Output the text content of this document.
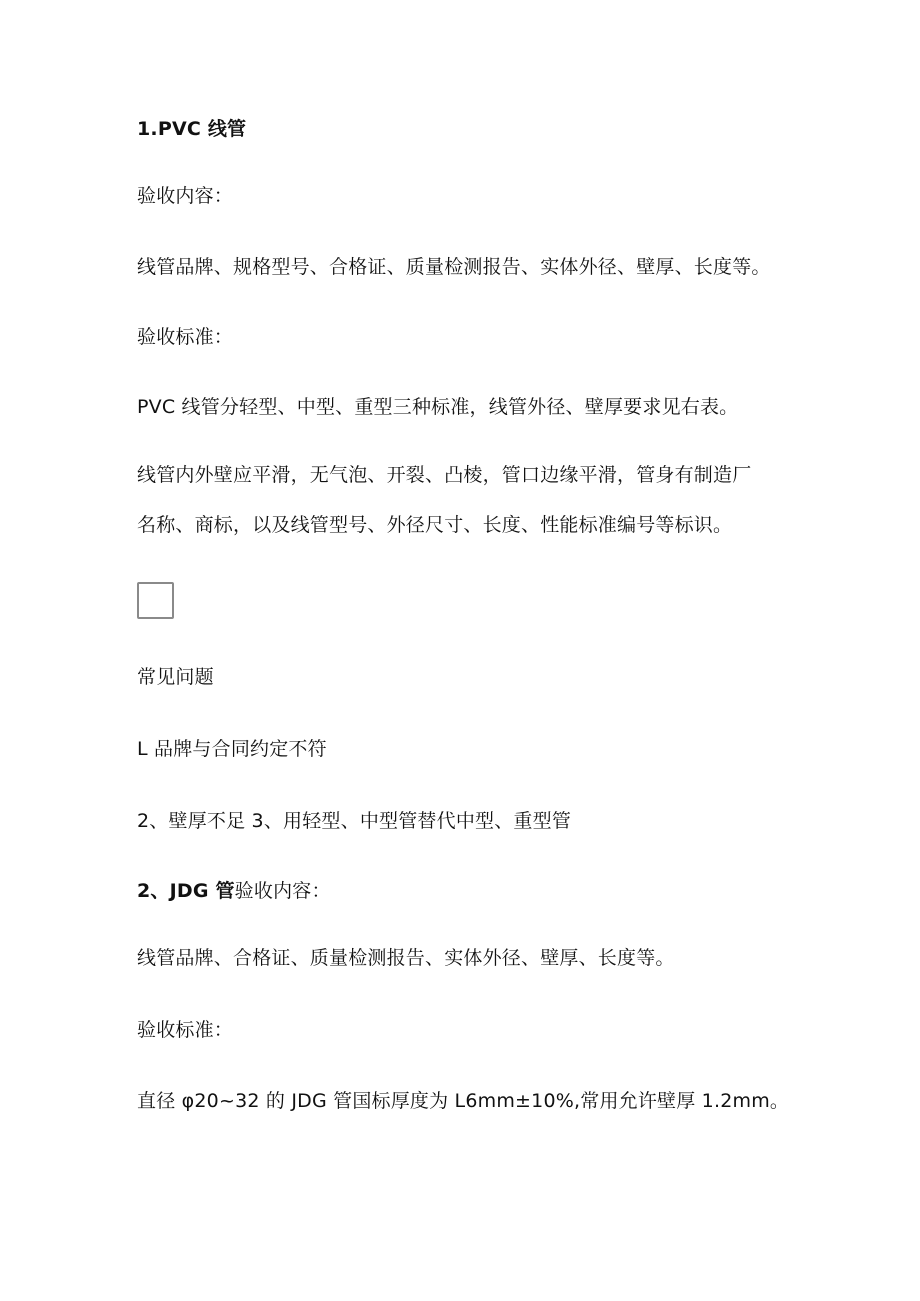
1.PVC 线管
验收内容：
线管品牌、规格型号、合格证、质量检测报告、实体外径、壁厚、长度等。
验收标准：
PVC 线管分轻型、中型、重型三种标准，线管外径、壁厚要求见右表。
线管内外壁应平滑，无气泡、开裂、凸棱，管口边缘平滑，管身有制造厂
名称、商标，以及线管型号、外径尺寸、长度、性能标准编号等标识。
常见问题
L 品牌与合同约定不符
2、壁厚不足 3、用轻型、中型管替代中型、重型管
2、JDG 管验收内容：
线管品牌、合格证、质量检测报告、实体外径、壁厚、长度等。
验收标准：
直径 φ20~32 的 JDG 管国标厚度为 L6mm±10%,常用允许壁厚 1.2mm。
